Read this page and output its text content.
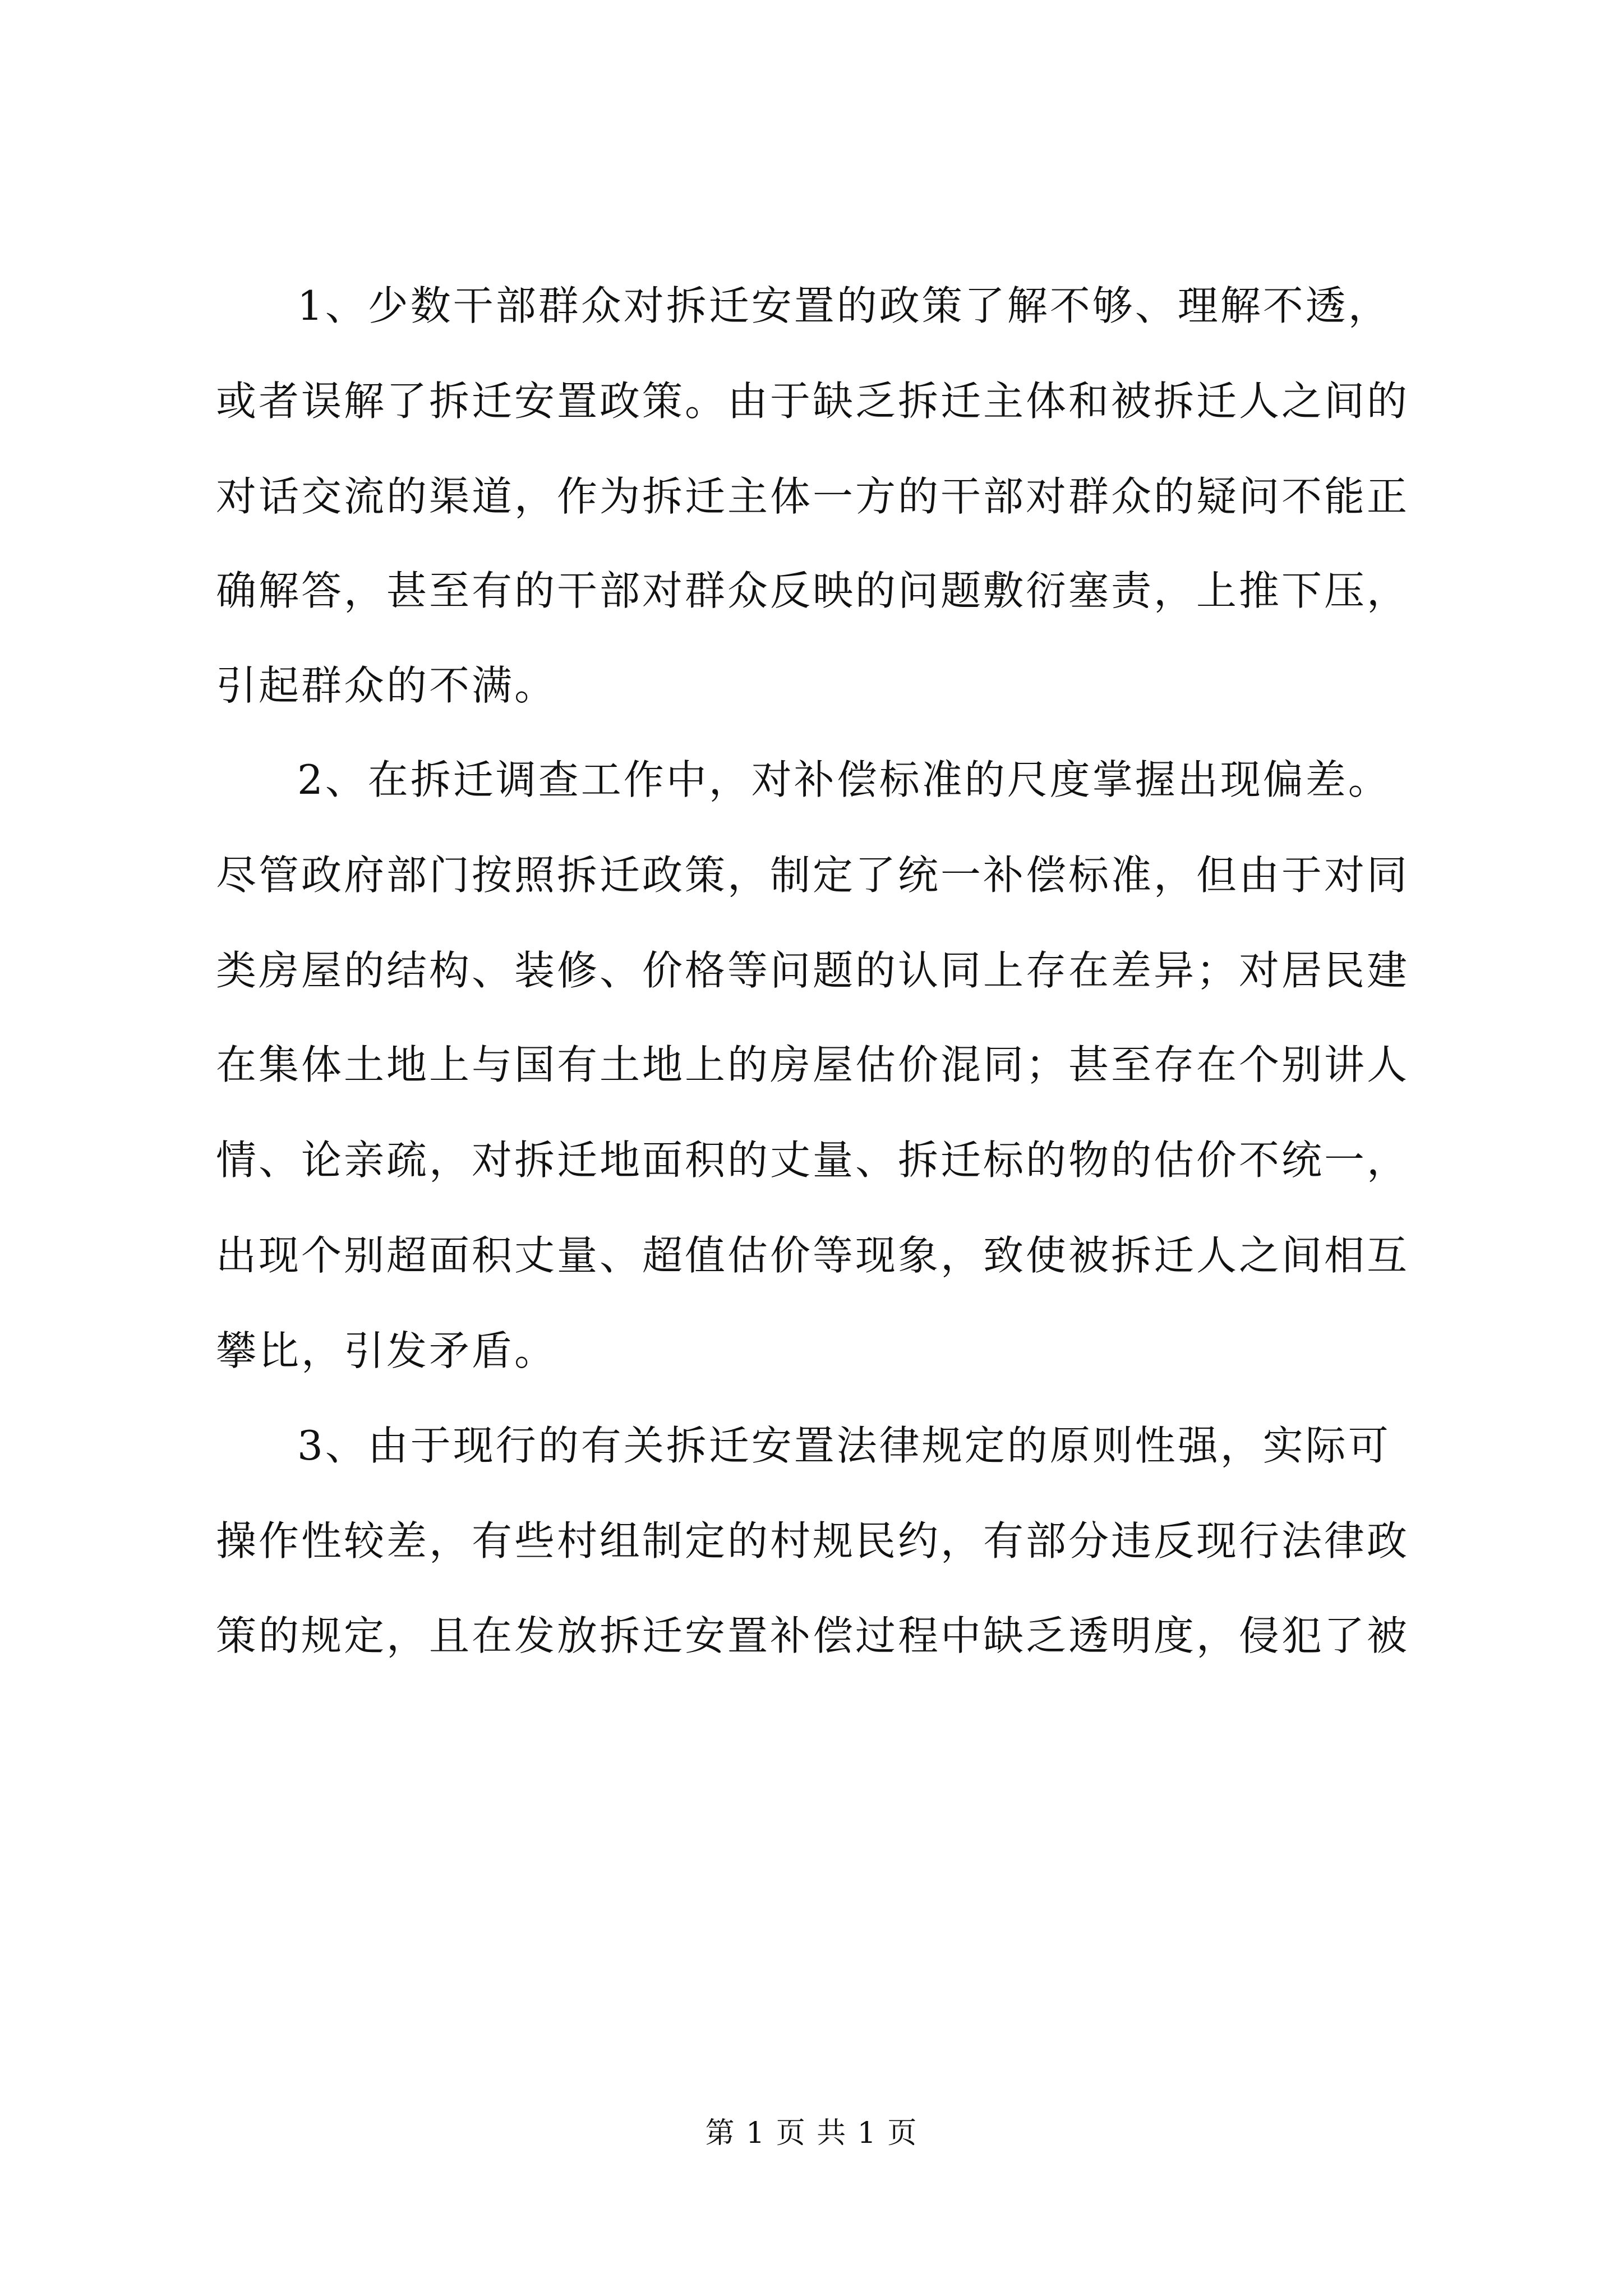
1、少数干部群众对拆迁安置的政策了解不够、理解不透，

或者误解了拆迁安置政策。由于缺乏拆迁主体和被拆迁人之间的

对话交流的渠道，作为拆迁主体一方的干部对群众的疑问不能正

确解答，甚至有的干部对群众反映的问题敷衍塞责，上推下压，

引起群众的不满。

2、在拆迁调查工作中，对补偿标准的尺度掌握出现偏差。

尽管政府部门按照拆迁政策，制定了统一补偿标准，但由于对同

类房屋的结构、装修、价格等问题的认同上存在差异；对居民建

在集体土地上与国有土地上的房屋估价混同；甚至存在个别讲人

情、论亲疏，对拆迁地面积的丈量、拆迁标的物的估价不统一，

出现个别超面积丈量、超值估价等现象，致使被拆迁人之间相互

攀比，引发矛盾。

3、由于现行的有关拆迁安置法律规定的原则性强，实际可

操作性较差，有些村组制定的村规民约，有部分违反现行法律政

策的规定，且在发放拆迁安置补偿过程中缺乏透明度，侵犯了被

第 1 页 共 1 页
